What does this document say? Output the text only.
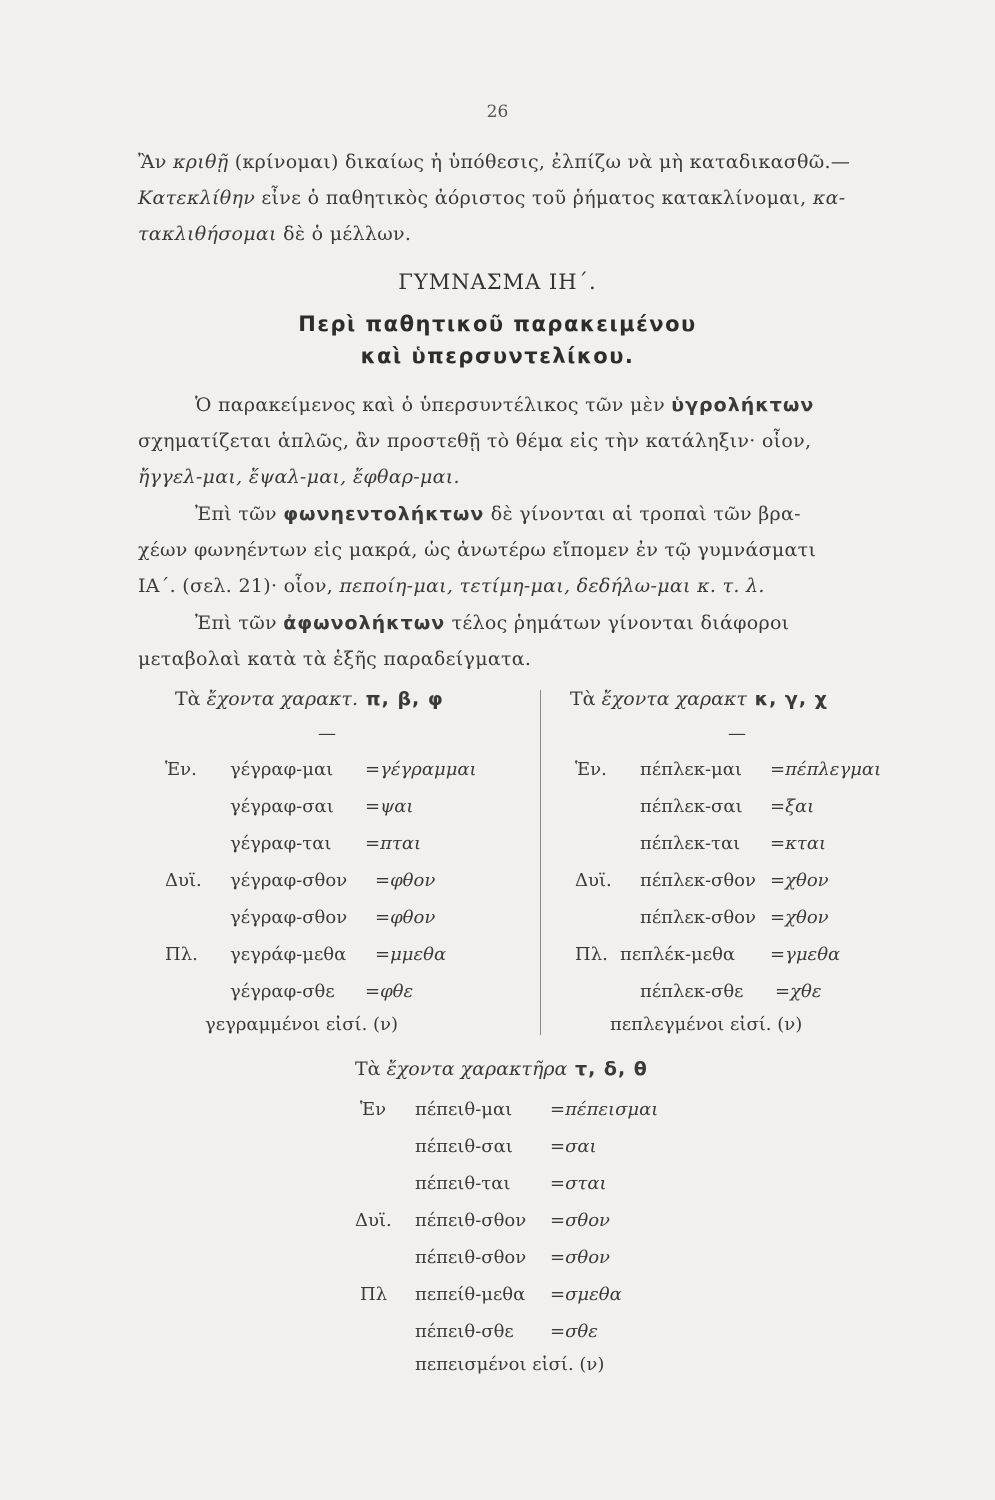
26
Ἂν κριθῇ (κρίνομαι) δικαίως ἡ ὑπόθεσις, ἐλπίζω νὰ μὴ καταδικασθῶ.—
Κατεκλίθην εἶνε ὁ παθητικὸς ἀόριστος τοῦ ῥήματος κατακλίνομαι, κα-
τακλιθήσομαι δὲ ὁ μέλλων.
ΓΥΜΝΑΣΜΑ ΙΗ΄.
Περὶ παθητικοῦ παρακειμένου
καὶ ὑπερσυντελίκου.
Ὁ παρακείμενος καὶ ὁ ὑπερσυντέλικος τῶν μὲν ὑγρολήκτων
σχηματίζεται ἁπλῶς, ἂν προστεθῇ τὸ θέμα εἰς τὴν κατάληξιν· οἷον,
ἤγγελ-μαι, ἔψαλ-μαι, ἔφθαρ-μαι.
Ἐπὶ τῶν φωνηεντολήκτων δὲ γίνονται αἱ τροπαὶ τῶν βρα-
χέων φωνηέντων εἰς μακρά, ὡς ἀνωτέρω εἴπομεν ἐν τῷ γυμνάσματι
ΙΑ΄. (σελ. 21)· οἷον, πεποίη-μαι, τετίμη-μαι, δεδήλω-μαι κ. τ. λ.
Ἐπὶ τῶν ἀφωνολήκτων τέλος ῥημάτων γίνονται διάφοροι
μεταβολαὶ κατὰ τὰ ἑξῆς παραδείγματα.
Τὰ ἔχοντα χαρακτ. π, β, φ
—
Τὰ ἔχοντα χαρακτ κ, γ, χ
—
Ἑν. γέγραφ-μαι =γέγραμμαι
γέγραφ-σαι =ψαι
γέγραφ-ται =πται
Δυϊ. γέγραφ-σθον =φθον
γέγραφ-σθον =φθον
Πλ. γεγράφ-μεθα =μμεθα
γέγραφ-σθε =φθε
γεγραμμένοι εἰσί. (ν)
Ἑν. πέπλεκ-μαι =πέπλεγμαι
πέπλεκ-σαι =ξαι
πέπλεκ-ται =κται
Δυϊ. πέπλεκ-σθον =χθον
πέπλεκ-σθον =χθον
Πλ. πεπλέκ-μεθα =γμεθα
πέπλεκ-σθε =χθε
πεπλεγμένοι εἰσί. (ν)
Τὰ ἔχοντα χαρακτῆρα τ, δ, θ
Ἑν πέπειθ-μαι =πέπεισμαι
πέπειθ-σαι =σαι
πέπειθ-ται =σται
Δυϊ. πέπειθ-σθον =σθον
πέπειθ-σθον =σθον
Πλ πεπείθ-μεθα =σμεθα
πέπειθ-σθε =σθε
πεπεισμένοι εἰσί. (ν)
